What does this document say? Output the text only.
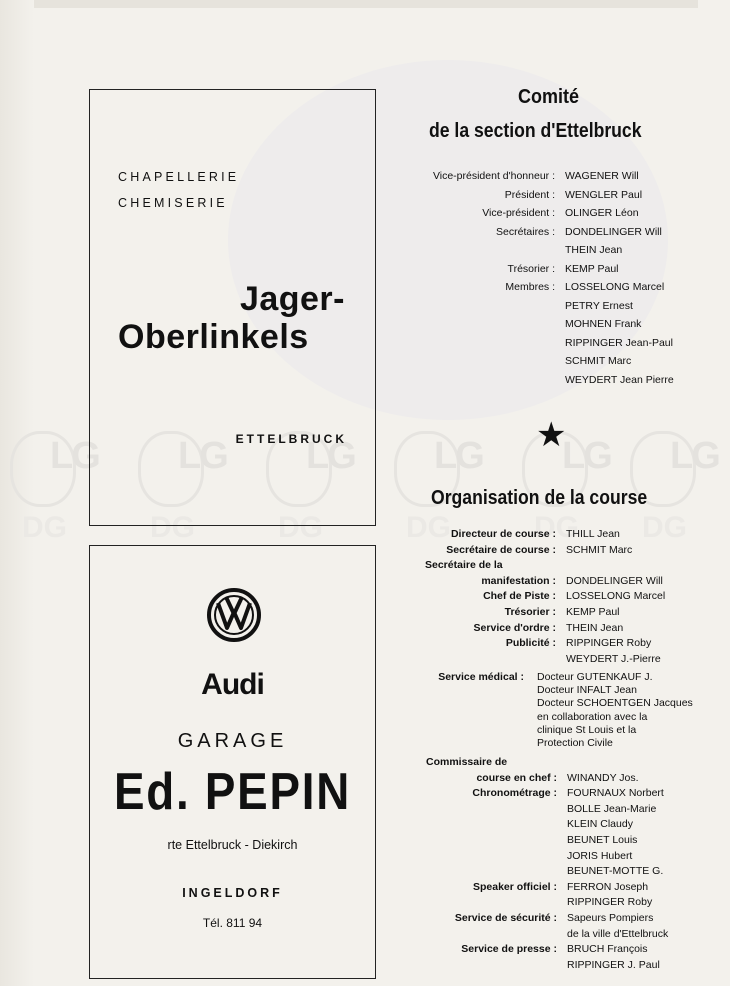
LG
DG
LG
DG
LG
DG
LG
DG
LG
DG
LG
DG
CHAPELLERIE
CHEMISERIE
Jager-
Oberlinkels
ETTELBRUCK
Audi
GARAGE
Ed. PEPIN
rte Ettelbruck - Diekirch
INGELDORF
Tél. 811 94
Comité
de la section d'Ettelbruck
Vice-président d'honneur : WAGENER Will
Président : WENGLER Paul
Vice-président : OLINGER Léon
Secrétaires : DONDELINGER Will
THEIN Jean
Trésorier : KEMP Paul
Membres : LOSSELONG Marcel
PETRY Ernest
MOHNEN Frank
RIPPINGER Jean-Paul
SCHMIT Marc
WEYDERT Jean Pierre
★
Organisation de la course
Directeur de course : THILL Jean
Secrétaire de course : SCHMIT Marc
Secrétaire de la
manifestation : DONDELINGER Will
Chef de Piste : LOSSELONG Marcel
Trésorier : KEMP Paul
Service d'ordre : THEIN Jean
Publicité : RIPPINGER Roby
WEYDERT J.-Pierre
Service médical : Docteur GUTENKAUF J.
Docteur INFALT Jean
Docteur SCHOENTGEN Jacques
en collaboration avec la
clinique St Louis et la
Protection Civile
Commissaire de
course en chef : WINANDY Jos.
Chronométrage : FOURNAUX Norbert
BOLLE Jean-Marie
KLEIN Claudy
BEUNET Louis
JORIS Hubert
BEUNET-MOTTE G.
Speaker officiel : FERRON Joseph
RIPPINGER Roby
Service de sécurité : Sapeurs Pompiers
de la ville d'Ettelbruck
Service de presse : BRUCH François
RIPPINGER J. Paul
